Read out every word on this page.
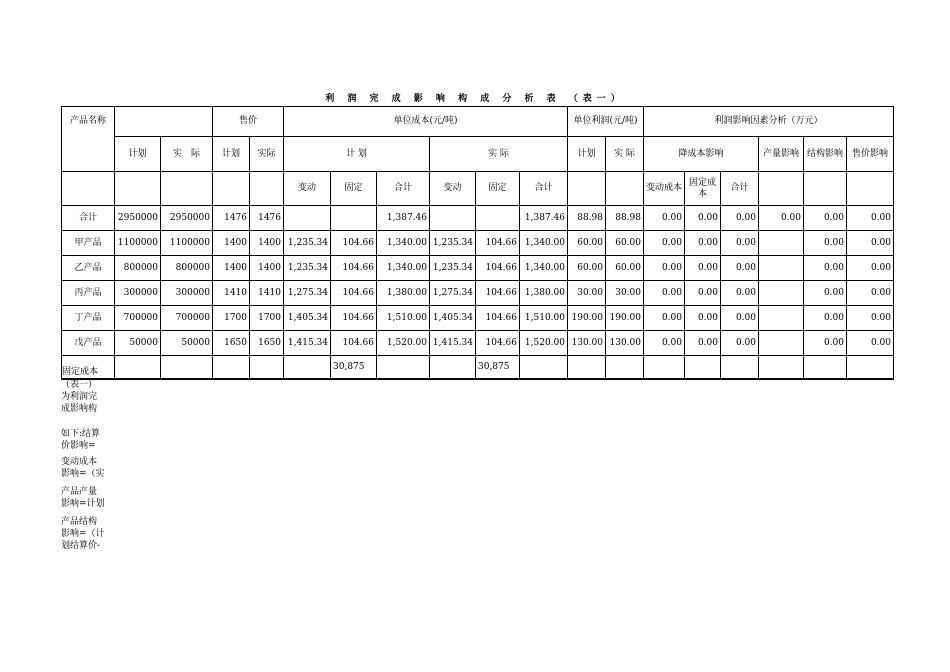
利 润 完 成 影 响 构 成 分 析 表 （表一）
产品名称			售价		单位成本(元/吨)						单位利润(元/吨)		利润影响因素分析（万元）					
	计划	实　际	计划	实际	计 划			实 际			计划	实 际	降成本影响			产量影响	结构影响	售价影响
					变动	固定	合计	变动	固定	合计			变动成本	固定成本	合计			
合计	2950000	2950000	1476	1476			1,387.46			1,387.46	88.98	88.98	0.00	0.00	0.00	0.00	0.00	0.00
甲产品	1100000	1100000	1400	1400	1,235.34	104.66	1,340.00	1,235.34	104.66	1,340.00	60.00	60.00	0.00	0.00	0.00		0.00	0.00
乙产品	800000	800000	1400	1400	1,235.34	104.66	1,340.00	1,235.34	104.66	1,340.00	60.00	60.00	0.00	0.00	0.00		0.00	0.00
丙产品	300000	300000	1410	1410	1,275.34	104.66	1,380.00	1,275.34	104.66	1,380.00	30.00	30.00	0.00	0.00	0.00		0.00	0.00
丁产品	700000	700000	1700	1700	1,405.34	104.66	1,510.00	1,405.34	104.66	1,510.00	190.00	190.00	0.00	0.00	0.00		0.00	0.00
戊产品	50000	50000	1650	1650	1,415.34	104.66	1,520.00	1,415.34	104.66	1,520.00	130.00	130.00	0.00	0.00	0.00		0.00	0.00
固定成本						30,875			30,875									
（表一）
为利润完
成影响构
如下:结算
价影响=
变动成本
影响=（实
产品产量
影响=计划
产品结构
影响=（计
划结算价-
